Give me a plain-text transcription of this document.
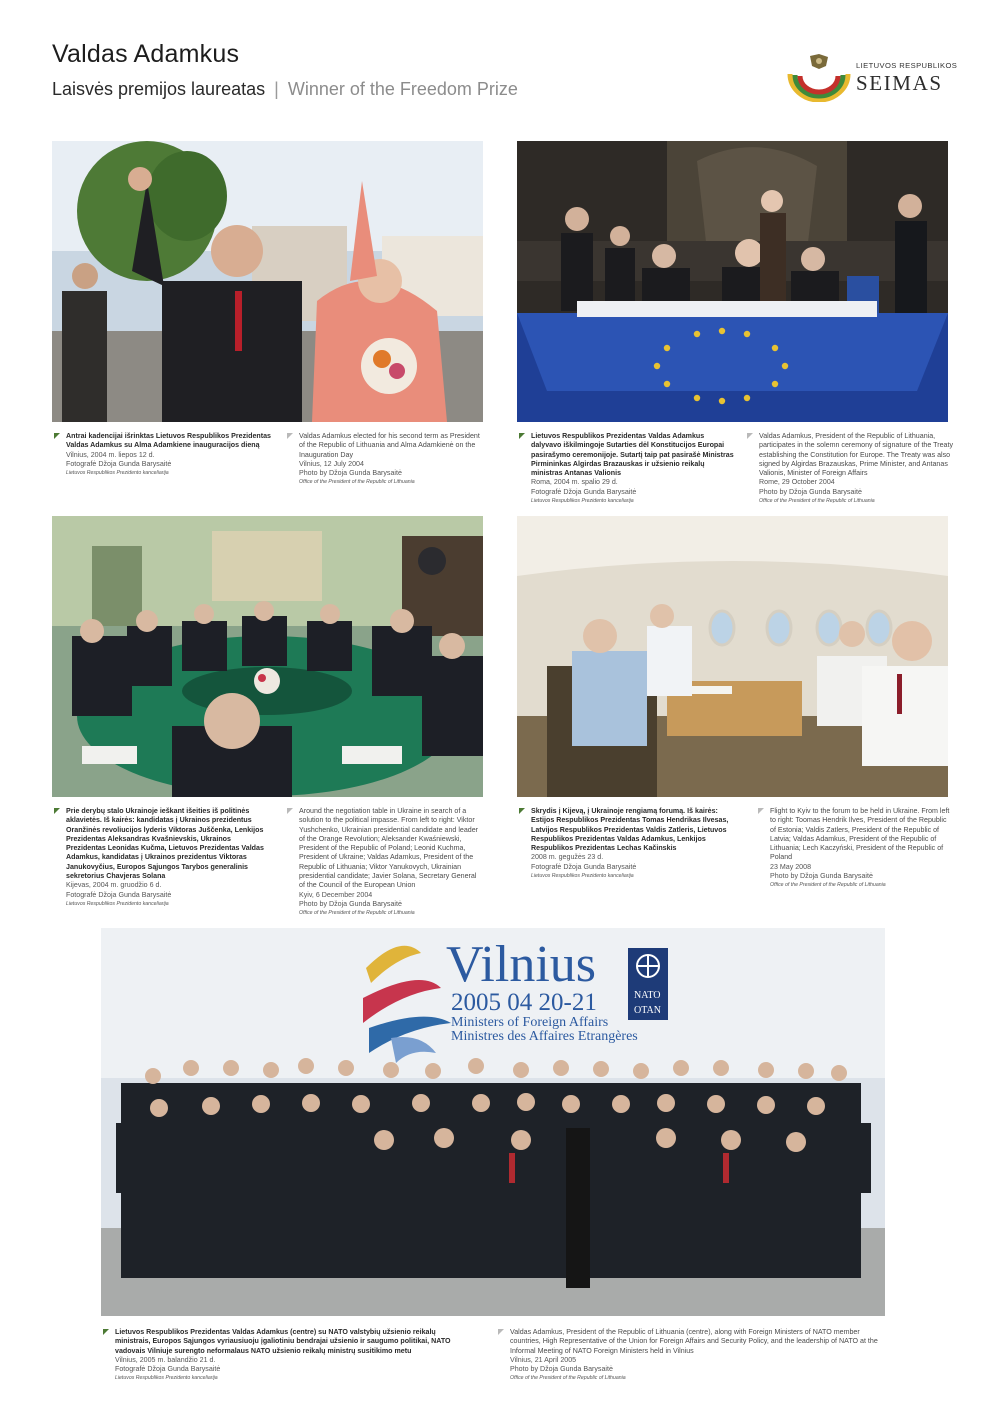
Valdas Adamkus
Laisvės premijos laureatas | Winner of the Freedom Prize
LIETUVOS RESPUBLIKOS
SEIMAS
Antrai kadencijai išrinktas Lietuvos Respublikos Prezidentas Valdas Adamkus su Alma Adamkiene inauguracijos dieną
Vilnius, 2004 m. liepos 12 d.
Fotografė Džoja Gunda Barysaitė
Lietuvos Respublikos Prezidento kanceliarija
Valdas Adamkus elected for his second term as President of the Republic of Lithuania and Alma Adamkienė on the Inauguration Day
Vilnius, 12 July 2004
Photo by Džoja Gunda Barysaitė
Office of the President of the Republic of Lithuania
Lietuvos Respublikos Prezidentas Valdas Adamkus dalyvavo iškilmingoje Sutarties dėl Konstitucijos Europai pasirašymo ceremonijoje. Sutartį taip pat pasirašė Ministras Pirmininkas Algirdas Brazauskas ir užsienio reikalų ministras Antanas Valionis
Roma, 2004 m. spalio 29 d.
Fotografė Džoja Gunda Barysaitė
Lietuvos Respublikos Prezidento kanceliarija
Valdas Adamkus, President of the Republic of Lithuania, participates in the solemn ceremony of signature of the Treaty establishing the Constitution for Europe. The Treaty was also signed by Algirdas Brazauskas, Prime Minister, and Antanas Valionis, Minister of Foreign Affairs
Rome, 29 October 2004
Photo by Džoja Gunda Barysaitė
Office of the President of the Republic of Lithuania
Prie derybų stalo Ukrainoje ieškant išeities iš politinės aklavietės. Iš kairės: kandidatas į Ukrainos prezidentus Oranžinės revoliucijos lyderis Viktoras Juščenka, Lenkijos Prezidentas Aleksandras Kvašnievskis, Ukrainos Prezidentas Leonidas Kučma, Lietuvos Prezidentas Valdas Adamkus, kandidatas į Ukrainos prezidentus Viktoras Janukovyčius, Europos Sąjungos Tarybos generalinis sekretorius Chavjeras Solana
Kijevas, 2004 m. gruodžio 6 d.
Fotografė Džoja Gunda Barysaitė
Lietuvos Respublikos Prezidento kanceliarija
Around the negotiation table in Ukraine in search of a solution to the political impasse. From left to right: Viktor Yushchenko, Ukrainian presidential candidate and leader of the Orange Revolution; Aleksander Kwaśniewski, President of the Republic of Poland; Leonid Kuchma, President of Ukraine; Valdas Adamkus, President of the Republic of Lithuania; Viktor Yanukovych, Ukrainian presidential candidate; Javier Solana, Secretary General of the Council of the European Union
Kyiv, 6 December 2004
Photo by Džoja Gunda Barysaitė
Office of the President of the Republic of Lithuania
Skrydis į Kijevą, į Ukrainoje rengiamą forumą. Iš kairės: Estijos Respublikos Prezidentas Tomas Hendrikas Ilvesas, Latvijos Respublikos Prezidentas Valdis Zatleris, Lietuvos Respublikos Prezidentas Valdas Adamkus, Lenkijos Respublikos Prezidentas Lechas Kačinskis
2008 m. gegužės 23 d.
Fotografė Džoja Gunda Barysaitė
Lietuvos Respublikos Prezidento kanceliarija
Flight to Kyiv to the forum to be held in Ukraine. From left to right: Toomas Hendrik Ilves, President of the Republic of Estonia; Valdis Zatlers, President of the Republic of Latvia; Valdas Adamkus, President of the Republic of Lithuania; Lech Kaczyński, President of the Republic of Poland
23 May 2008
Photo by Džoja Gunda Barysaitė
Office of the President of the Republic of Lithuania
Vilnius
2005 04 20-21
Ministers of Foreign Affairs
Ministres des Affaires Etrangères
NATO
OTAN
Lietuvos Respublikos Prezidentas Valdas Adamkus (centre) su NATO valstybių užsienio reikalų ministrais, Europos Sąjungos vyriausiuoju įgaliotiniu bendrajai užsienio ir saugumo politikai, NATO vadovais Vilniuje surengto neformalaus NATO užsienio reikalų ministrų susitikimo metu
Vilnius, 2005 m. balandžio 21 d.
Fotografė Džoja Gunda Barysaitė
Lietuvos Respublikos Prezidento kanceliarija
Valdas Adamkus, President of the Republic of Lithuania (centre), along with Foreign Ministers of NATO member countries, High Representative of the Union for Foreign Affairs and Security Policy, and the leadership of NATO at the Informal Meeting of NATO Foreign Ministers held in Vilnius
Vilnius, 21 April 2005
Photo by Džoja Gunda Barysaitė
Office of the President of the Republic of Lithuania
